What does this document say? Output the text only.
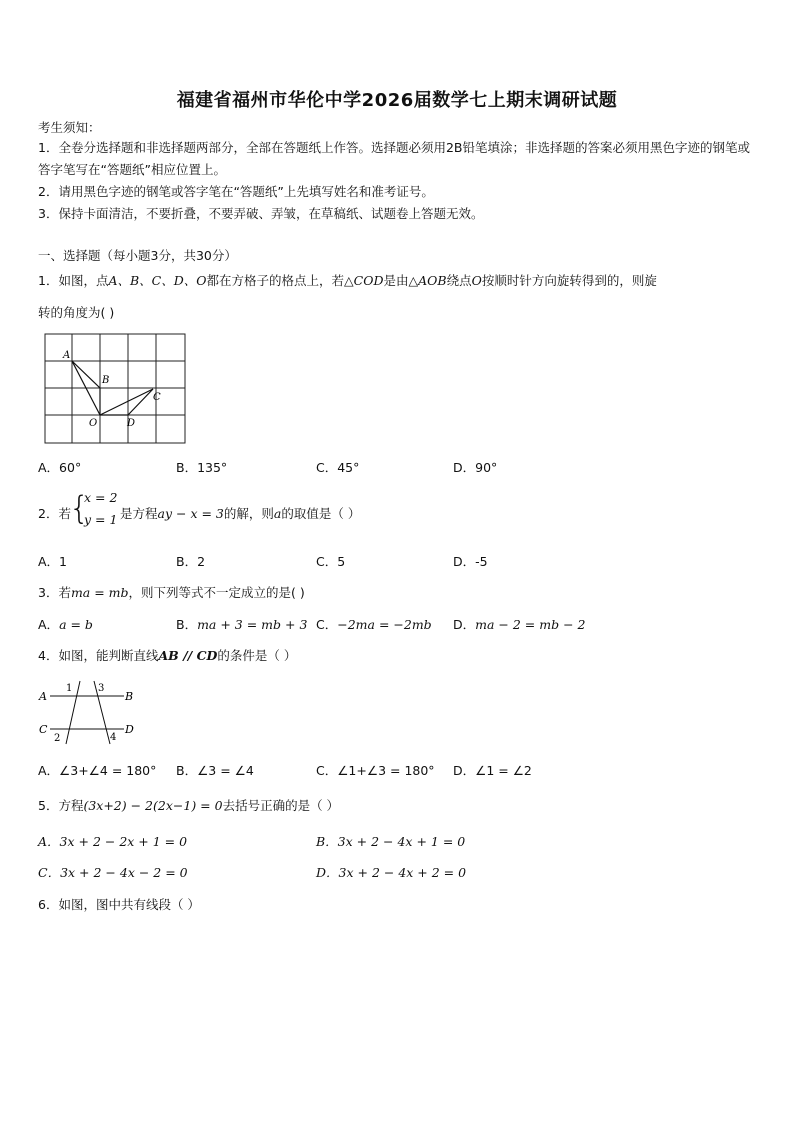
福建省福州市华伦中学2026届数学七上期末调研试题
考生须知：
1．全卷分选择题和非选择题两部分，全部在答题纸上作答。选择题必须用2B铅笔填涂；非选择题的答案必须用黑色字迹的钢笔或答字笔写在“答题纸”相应位置上。
2．请用黑色字迹的钢笔或答字笔在“答题纸”上先填写姓名和准考证号。
3．保持卡面清洁，不要折叠，不要弄破、弄皱，在草稿纸、试题卷上答题无效。
一、选择题（每小题3分，共30分）
1．如图，点A、B、C、D、O都在方格子的格点上，若△COD是由△AOB绕点O按顺时针方向旋转得到的，则旋
转的角度为( )
A
B
C
O	D
A．60°	B．135°	C．45°	D．90°
2．若
{
x = 2
y = 1 是方程ay − x = 3的解，则a的取值是（ ）
A．1	B．2	C．5	D．-5
3．若ma = mb，则下列等式不一定成立的是( )
A．a = b	B．ma + 3 = mb + 3 C．−2ma = −2mb D．ma − 2 = mb − 2
4．如图，能判断直线AB // CD的条件是（ ）
A	B
C	D
1	3
2	4
A．∠3+∠4 = 180° B．∠3 = ∠4	C．∠1+∠3 = 180° D．∠1 = ∠2
5．方程(3x+2) − 2(2x−1) = 0去括号正确的是（ ）
A．3x + 2 − 2x + 1 = 0	B．3x + 2 − 4x + 1 = 0
C．3x + 2 − 4x − 2 = 0	D．3x + 2 − 4x + 2 = 0
6．如图，图中共有线段（ ）
